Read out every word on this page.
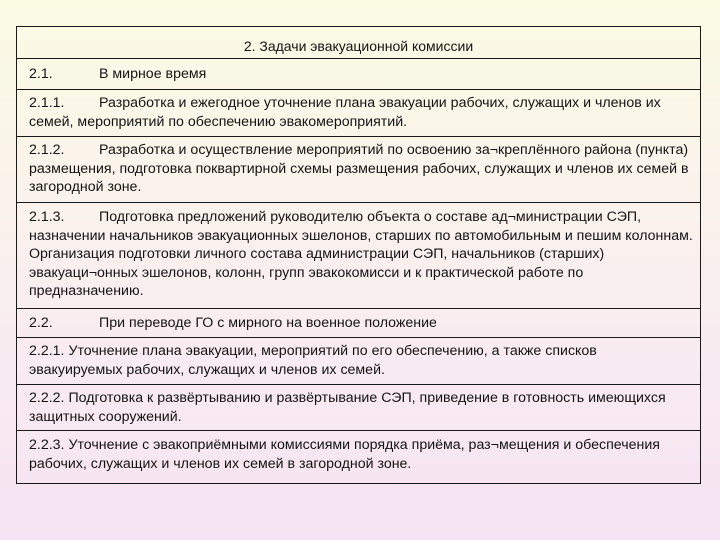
2. Задачи эвакуационной комиссии
2.1.	В мирное время
2.1.1. Разработка и ежегодное уточнение плана эвакуации рабочих, служащих и членов их семей, мероприятий по обеспечению эвакомероприятий.
2.1.2. Разработка и осуществление мероприятий по освоению за¬креплённого района (пункта) размещения, подготовка поквартирной схемы размещения рабочих, служащих и членов их семей в загородной зоне.
2.1.3. Подготовка предложений руководителю объекта о составе ад¬министрации СЭП, назначении начальников эвакуационных эшелонов, старших по автомобильным и пешим колоннам. Организация подготовки личного состава администрации СЭП, начальников (старших) эвакуаци¬онных эшелонов, колонн, групп эвакокомисси и к практической работе по предназначению.
2.2.	При переводе ГО с мирного на военное положение
2.2.1. Уточнение плана эвакуации, мероприятий по его обеспечению, а также списков эвакуируемых рабочих, служащих и членов их семей.
2.2.2. Подготовка к развёртыванию и развёртывание СЭП, приведение в готовность имеющихся защитных сооружений.
2.2.3. Уточнение с эвакоприёмными комиссиями порядка приёма, раз¬мещения и обеспечения рабочих, служащих и членов их семей в загородной зоне.
